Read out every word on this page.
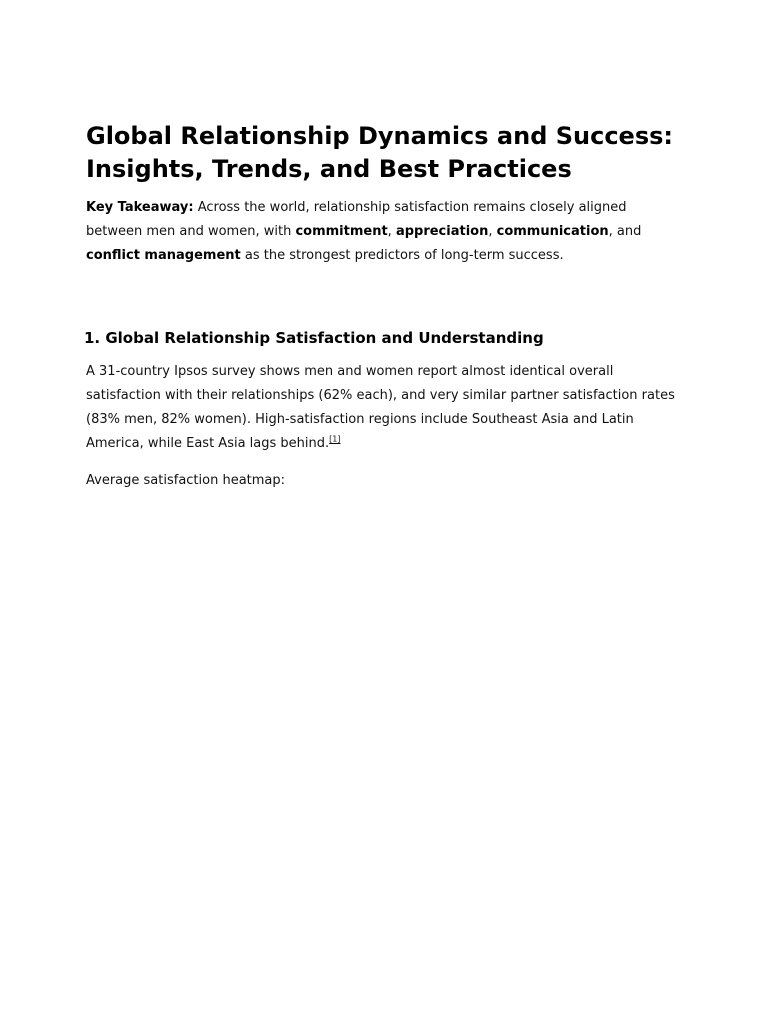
Global Relationship Dynamics and Success: Insights, Trends, and Best Practices

Key Takeaway: Across the world, relationship satisfaction remains closely aligned between men and women, with commitment, appreciation, communication, and conflict management as the strongest predictors of long-term success.

1. Global Relationship Satisfaction and Understanding

A 31-country Ipsos survey shows men and women report almost identical overall satisfaction with their relationships (62% each), and very similar partner satisfaction rates (83% men, 82% women). High-satisfaction regions include Southeast Asia and Latin America, while East Asia lags behind.[1]

Average satisfaction heatmap:
